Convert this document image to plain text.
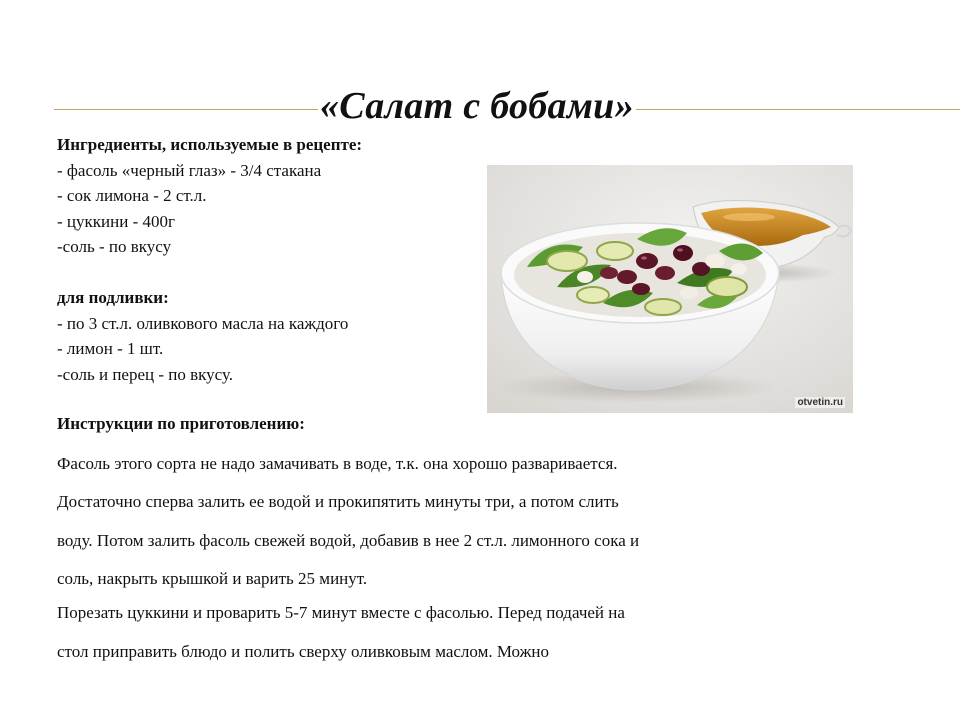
«Салат с бобами»
Ингредиенты, используемые в рецепте:
- фасоль «черный глаз» - 3/4 стакана
- сок лимона - 2 ст.л.
- цуккини - 400г
-соль - по вкусу
для подливки:
- по 3 ст.л. оливкового масла на каждого
- лимон - 1 шт.
-соль и перец - по вкусу.

Инструкции по приготовлению:

Фасоль этого сорта не надо замачивать в воде, т.к. она хорошо разваривается.
Достаточно сперва залить ее водой и прокипятить минуты три, а потом слить
воду. Потом залить фасоль свежей водой, добавив в нее 2 ст.л. лимонного сока и
соль, накрыть крышкой и варить 25 минут.
Порезать цуккини и проварить 5-7 минут вместе с фасолью. Перед подачей на
стол приправить блюдо и полить сверху оливковым маслом. Можно
otvetin.ru
